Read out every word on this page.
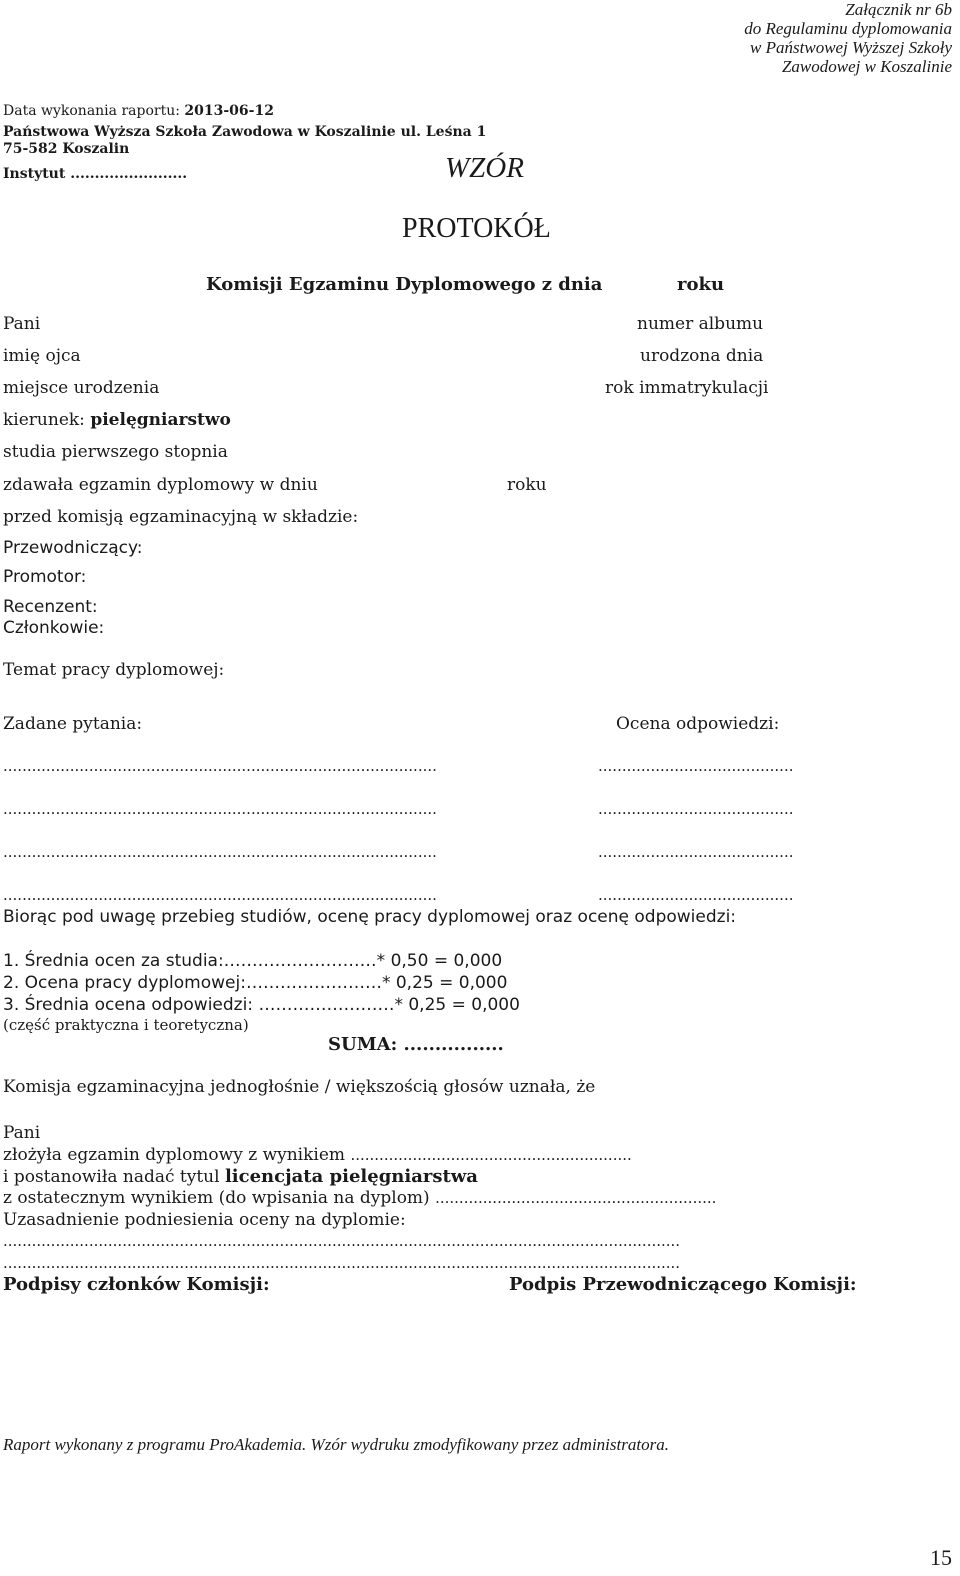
Załącznik nr 6b
do Regulaminu dyplomowania
w Państwowej Wyższej Szkoły
Zawodowej w Koszalinie
Data wykonania raportu: 2013-06-12
Państwowa Wyższa Szkoła Zawodowa w Koszalinie ul. Leśna 1
75-582 Koszalin
Instytut ........................	WZÓR
PROTOKÓŁ
Komisji Egzaminu Dyplomowego z dnia	roku
Pani	numer albumu
imię ojca	urodzona dnia
miejsce urodzenia	rok immatrykulacji
kierunek: pielęgniarstwo
studia pierwszego stopnia
zdawała egzamin dyplomowy w dniu	roku
przed komisją egzaminacyjną w składzie:
Przewodniczący:
Promotor:
Recenzent:
Członkowie:
Temat pracy dyplomowej:
Zadane pytania:	Ocena odpowiedzi:
...........................................................................................	.........................................
...........................................................................................	.........................................
...........................................................................................	.........................................
...........................................................................................	.........................................
Biorąc pod uwagę przebieg studiów, ocenę pracy dyplomowej oraz ocenę odpowiedzi:
1. Średnia ocen za studia:………………………* 0,50 = 0,000
2. Ocena pracy dyplomowej:……………………* 0,25 = 0,000
3. Średnia ocena odpowiedzi: ……………………* 0,25 = 0,000
(część praktyczna i teoretyczna)
SUMA: ................
Komisja egzaminacyjna jednogłośnie / większością głosów uznała, że
Pani
złożyła egzamin dyplomowy z wynikiem ...........................................................
i postanowiła nadać tytul licencjata pielęgniarstwa
z ostatecznym wynikiem (do wpisania na dyplom) ...........................................................
Uzasadnienie podniesienia oceny na dyplomie:
..............................................................................................................................................
..............................................................................................................................................
Podpisy członków Komisji:	Podpis Przewodniczącego Komisji:
Raport wykonany z programu ProAkademia. Wzór wydruku zmodyfikowany przez administratora.
15
